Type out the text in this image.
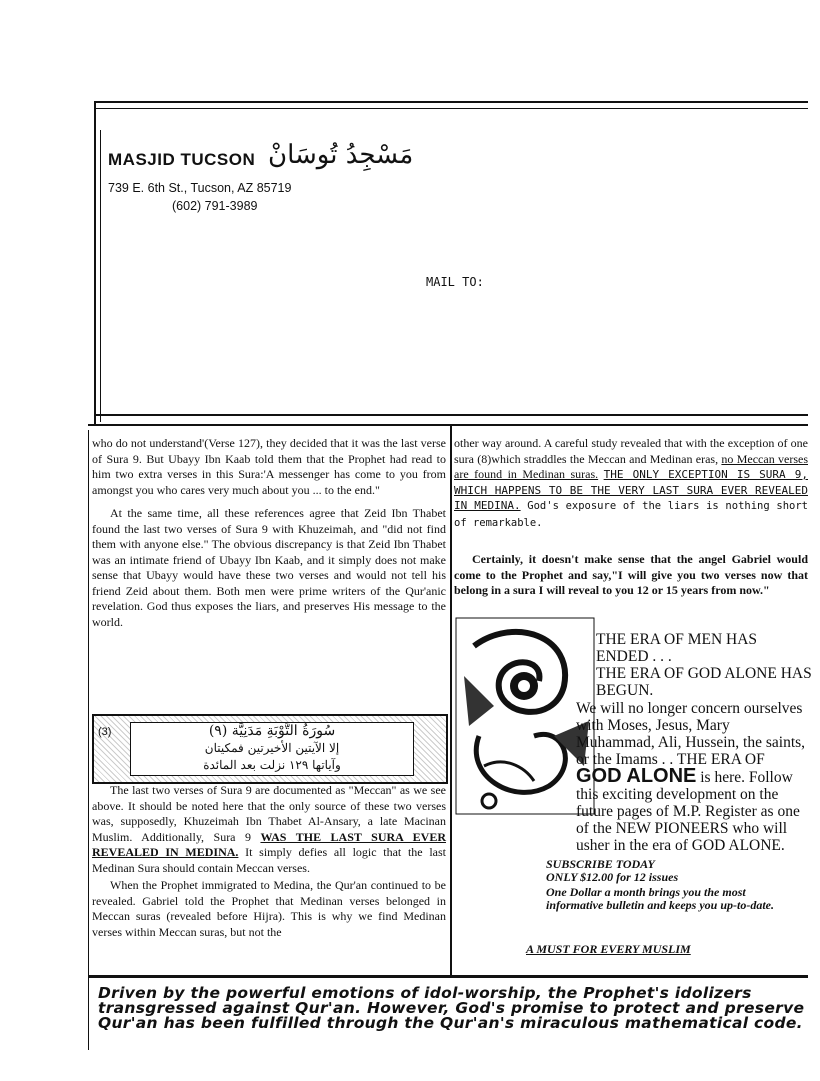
MASJID TUCSON مَسْجِدُ تُوسَانْ
739 E. 6th St., Tucson, AZ 85719
(602) 791-3989
MAIL TO:

who do not understand'(Verse 127), they decided that it was the last verse of Sura 9. But Ubayy Ibn Kaab told them that the Prophet had read to him two extra verses in this Sura:'A messenger has come to you from amongst you who cares very much about you ... to the end."

At the same time, all these references agree that Zeid Ibn Thabet found the last two verses of Sura 9 with Khuzeimah, and "did not find them with anyone else." The obvious discrepancy is that Zeid Ibn Thabet was an intimate friend of Ubayy Ibn Kaab, and it simply does not make sense that Ubayy would have these two verses and would not tell his friend Zeid about them. Both men were prime writers of the Qur'anic revelation. God thus exposes the liars, and preserves His message to the world.

(3)	(٩) سُورَةُ التَّوْبَةِ مَدَنِيَّة
إلا الآيتين الأخيرتين فمكيتان
وآياتها ١٢٩ نزلت بعد المائدة

The last two verses of Sura 9 are documented as "Meccan" as we see above. It should be noted here that the only source of these two verses was, supposedly, Khuzeimah Ibn Thabet Al-Ansary, a late Macinan Muslim. Additionally, Sura 9 WAS THE LAST SURA EVER REVEALED IN MEDINA. It simply defies all logic that the last Medinan Sura should contain Meccan verses.

When the Prophet immigrated to Medina, the Qur'an continued to be revealed. Gabriel told the Prophet that Medinan verses belonged in Meccan suras (revealed before Hijra). This is why we find Medinan verses within Meccan suras, but not the

other way around. A careful study revealed that with the exception of one sura (8)which straddles the Meccan and Medinan eras, no Meccan verses are found in Medinan suras. THE ONLY EXCEPTION IS SURA 9, WHICH HAPPENS TO BE THE VERY LAST SURA EVER REVEALED IN MEDINA. God's exposure of the liars is nothing short of remarkable.

Certainly, it doesn't make sense that the angel Gabriel would come to the Prophet and say,"I will give you two verses now that belong in a sura I will reveal to you 12 or 15 years from now."

THE ERA OF MEN HAS ENDED . . .
THE ERA OF GOD ALONE HAS BEGUN.
We will no longer concern ourselves with Moses, Jesus, Mary Muhammad, Ali, Hussein, the saints, or the Imams . . THE ERA OF GOD ALONE is here. Follow this exciting development on the future pages of M.P. Register as one of the NEW PIONEERS who will usher in the era of GOD ALONE.
SUBSCRIBE TODAY
ONLY $12.00 for 12 issues
One Dollar a month brings you the most informative bulletin and keeps you up-to-date.
A MUST FOR EVERY MUSLIM
Driven by the powerful emotions of idol-worship, the Prophet's idolizers transgressed against Qur'an. However, God's promise to protect and preserve Qur'an has been fulfilled through the Qur'an's miraculous mathematical code.
